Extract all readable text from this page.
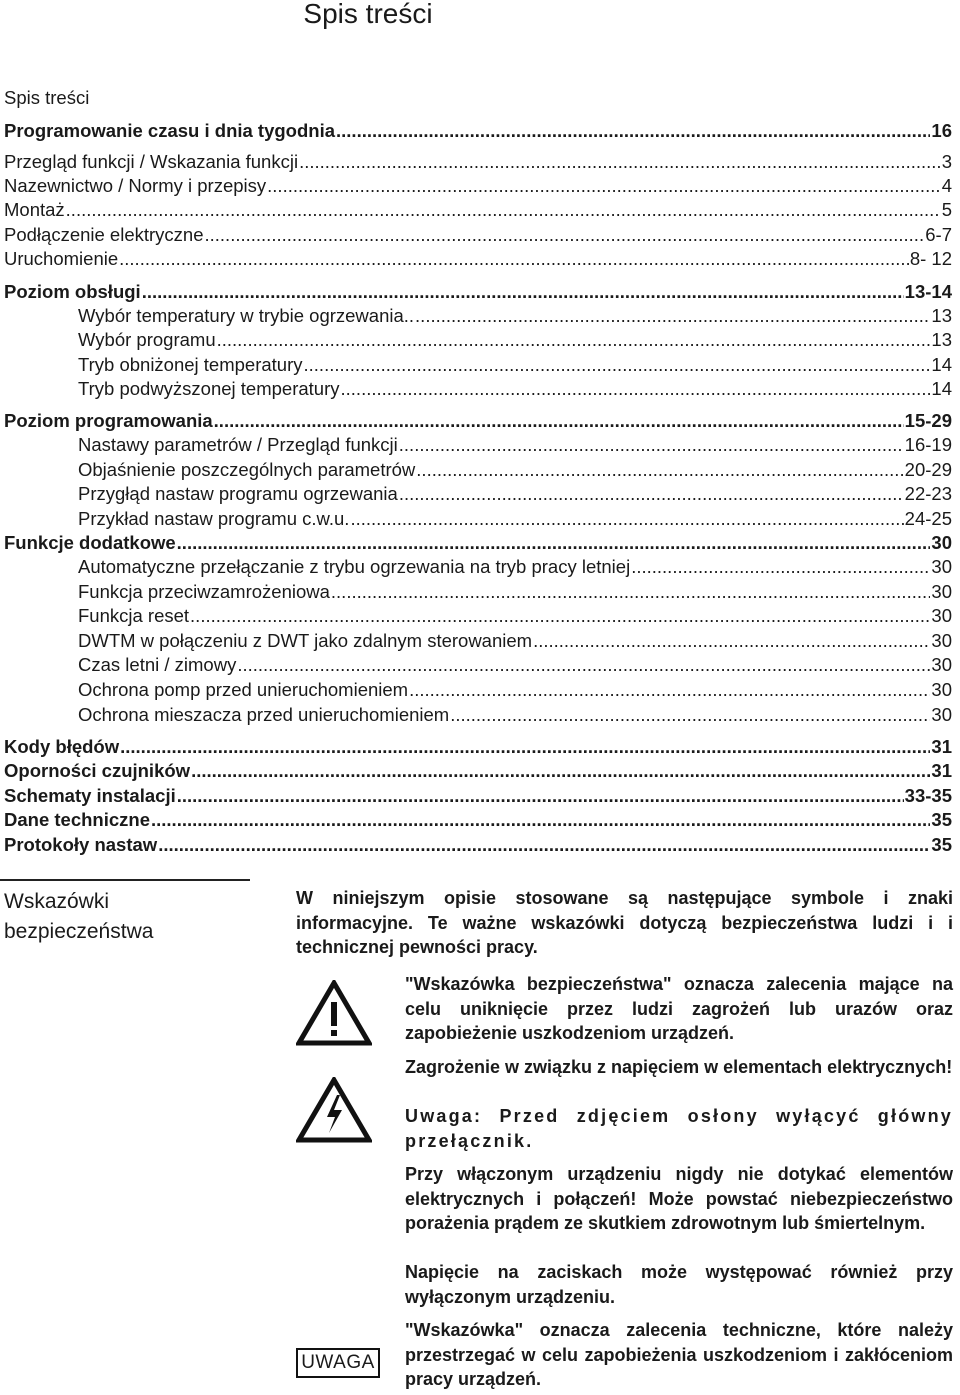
Spis treści
Spis treści
Programowanie czasu i dnia tygodnia .....	16
Przegląd funkcji / Wskazania funkcji .....	3
Nazewnictwo / Normy i przepisy .....	4
Montaż .....	5
Podłączenie elektryczne .....	6-7
Uruchomienie .....	8- 12
Poziom obsługi .....	13-14
Wybór temperatury w trybie ogrzewania.. .....	13
Wybór programu .....	13
Tryb obniżonej temperatury .....	14
Tryb podwyższonej temperatury .....	14
Poziom programowania .....	15-29
Nastawy parametrów / Przegląd funkcji .....	16-19
Objaśnienie poszczególnych parametrów .....	20-29
Przygłąd nastaw programu ogrzewania .....	22-23
Przykład nastaw programu c.w.u. .....	24-25
Funkcje dodatkowe .....	30
Automatyczne przełączanie z trybu ogrzewania na tryb pracy letniej .....	30
Funkcja przeciwzamrożeniowa .....	30
Funkcja reset .....	30
DWTM w połączeniu z DWT jako zdalnym sterowaniem .....	30
Czas letni / zimowy .....	30
Ochrona pomp przed unieruchomieniem .....	30
Ochrona mieszacza przed unieruchomieniem .....	30
Kody błędów .....	31
Oporności czujników .....	31
Schematy instalacji .....	33-35
Dane techniczne .....	35
Protokoły nastaw .....	35
Wskazówki
bezpieczeństwa
W niniejszym opisie stosowane są następujące symbole i znaki informacyjne. Te ważne wskazówki dotyczą bezpieczeństwa ludzi i i technicznej pewności pracy.
"Wskazówka bezpieczeństwa" oznacza zalecenia mające na celu uniknięcie przez ludzi zagrożeń lub urazów oraz zapobieżenie uszkodzeniom urządzeń.
Zagrożenie w związku z napięciem w elementach elektrycznych!
Uwaga: Przed zdjęciem osłony wyłącyć główny przełącznik.
Przy włączonym urządzeniu nigdy nie dotykać elementów elektrycznych i połączeń! Może powstać niebezpieczeństwo porażenia prądem ze skutkiem zdrowotnym lub śmiertelnym.
Napięcie na zaciskach może występować również przy wyłączonym urządzeniu.
UWAGA
"Wskazówka" oznacza zalecenia techniczne, które należy przestrzegać w celu zapobieżenia uszkodzeniom i zakłóceniom pracy urządzeń.
